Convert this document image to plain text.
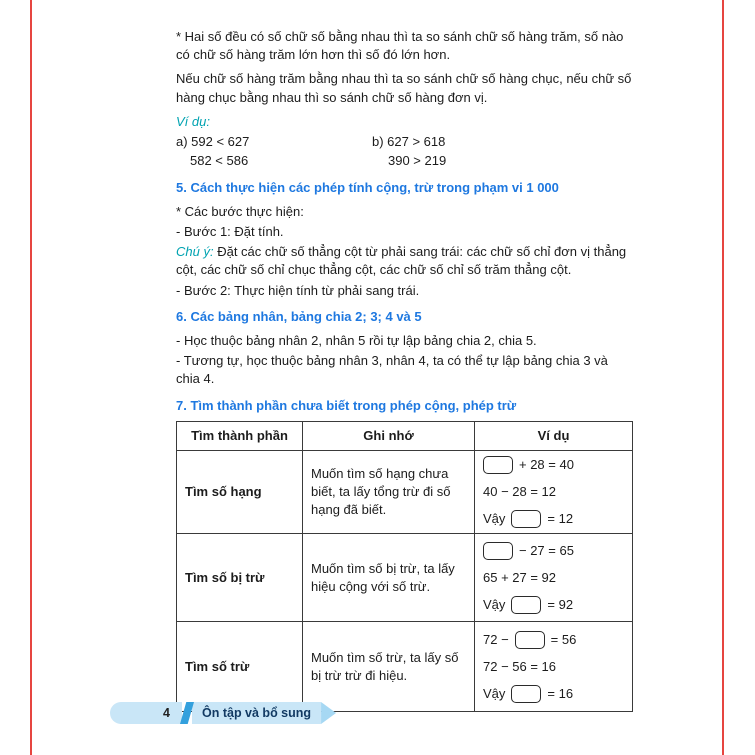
* Hai số đều có số chữ số bằng nhau thì ta so sánh chữ số hàng trăm, số nào có chữ số hàng trăm lớn hơn thì số đó lớn hơn.

Nếu chữ số hàng trăm bằng nhau thì ta so sánh chữ số hàng chục, nếu chữ số hàng chục bằng nhau thì so sánh chữ số hàng đơn vị.

Ví dụ:
a) 592 < 627	b) 627 > 618
582 < 586	390 > 219
5. Cách thực hiện các phép tính cộng, trừ trong phạm vi 1 000
* Các bước thực hiện:
- Bước 1: Đặt tính.

Chú ý: Đặt các chữ số thẳng cột từ phải sang trái: các chữ số chỉ đơn vị thẳng cột, các chữ số chỉ chục thẳng cột, các chữ số chỉ số trăm thẳng cột.

- Bước 2: Thực hiện tính từ phải sang trái.
6. Các bảng nhân, bảng chia 2; 3; 4 và 5
- Học thuộc bảng nhân 2, nhân 5 rồi tự lập bảng chia 2, chia 5.
- Tương tự, học thuộc bảng nhân 3, nhân 4, ta có thể tự lập bảng chia 3 và chia 4.
7. Tìm thành phần chưa biết trong phép cộng, phép trừ
Tìm thành phần	Ghi nhớ	Ví dụ
Tìm số hạng	Muốn tìm số hạng chưa biết, ta lấy tổng trừ đi số hạng đã biết.	+ 28 = 40
40 − 28 = 12
Vậy = 12

Tìm số bị trừ	Muốn tìm số bị trừ, ta lấy hiệu cộng với số trừ.	− 27 = 65
65 + 27 = 92
Vậy = 92

Tìm số trừ	Muốn tìm số trừ, ta lấy số bị trừ trừ đi hiệu.	72 − = 56
72 − 56 = 16
Vậy = 16
4	Ôn tập và bổ sung
